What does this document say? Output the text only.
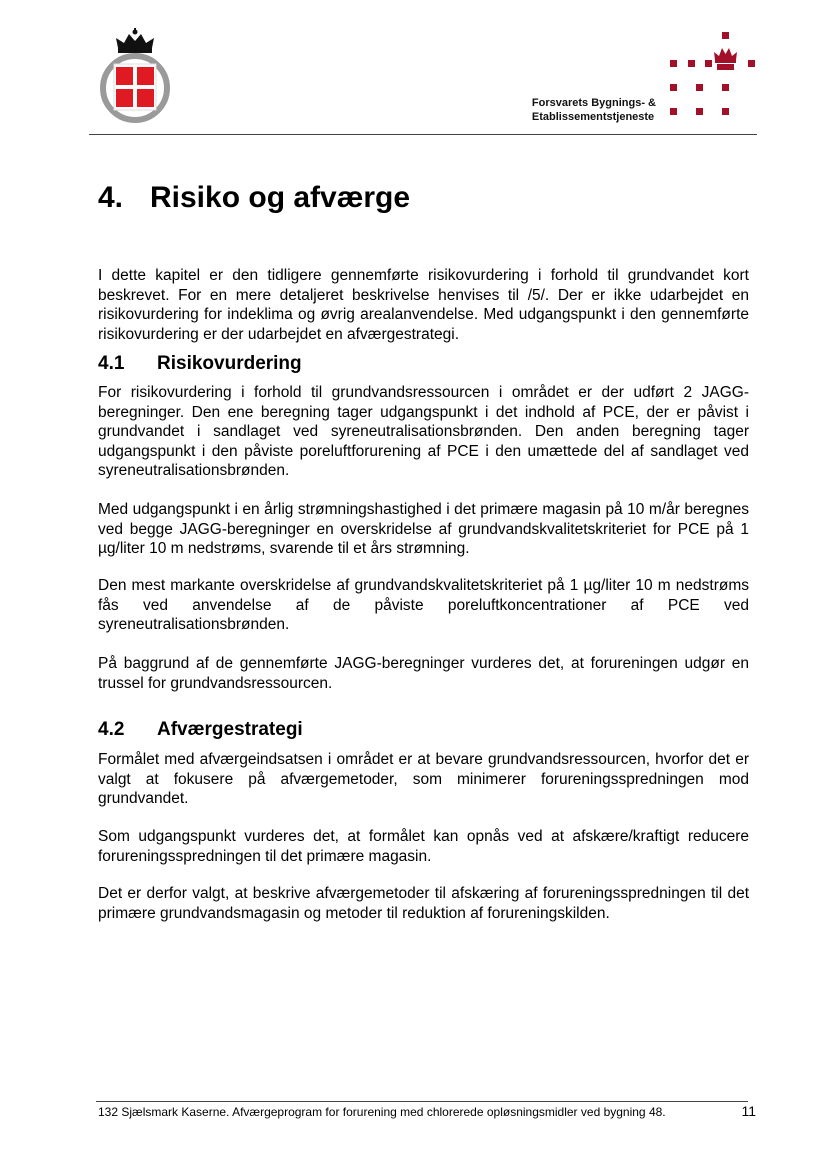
Forsvarets Bygnings- &
Etablissementstjeneste
4. Risiko og afværge

I dette kapitel er den tidligere gennemførte risikovurdering i forhold til grundvandet kort beskrevet. For en mere detaljeret beskrivelse henvises til /5/. Der er ikke udarbejdet en risikovurdering for indeklima og øvrig arealanvendelse. Med udgangspunkt i den gennemførte risikovurdering er der udarbejdet en afværgestrategi.

4.1 Risikovurdering

For risikovurdering i forhold til grundvandsressourcen i området er der udført 2 JAGG-beregninger. Den ene beregning tager udgangspunkt i det indhold af PCE, der er påvist i grundvandet i sandlaget ved syreneutralisationsbrønden. Den anden beregning tager udgangspunkt i den påviste poreluftforurening af PCE i den umættede del af sandlaget ved syreneutralisationsbrønden.

Med udgangspunkt i en årlig strømningshastighed i det primære magasin på 10 m/år beregnes ved begge JAGG-beregninger en overskridelse af grundvandskvalitetskriteriet for PCE på 1 µg/liter 10 m nedstrøms, svarende til et års strømning.

Den mest markante overskridelse af grundvandskvalitetskriteriet på 1 µg/liter 10 m nedstrøms fås ved anvendelse af de påviste poreluftkoncentrationer af PCE ved syreneutralisationsbrønden.

På baggrund af de gennemførte JAGG-beregninger vurderes det, at forureningen udgør en trussel for grundvandsressourcen.

4.2 Afværgestrategi

Formålet med afværgeindsatsen i området er at bevare grundvandsressourcen, hvorfor det er valgt at fokusere på afværgemetoder, som minimerer forureningsspredningen mod grundvandet.

Som udgangspunkt vurderes det, at formålet kan opnås ved at afskære/kraftigt reducere forureningsspredningen til det primære magasin.

Det er derfor valgt, at beskrive afværgemetoder til afskæring af forureningsspredningen til det primære grundvandsmagasin og metoder til reduktion af forureningskilden.

132 Sjælsmark Kaserne. Afværgeprogram for forurening med chlorerede opløsningsmidler ved bygning 48.	11
